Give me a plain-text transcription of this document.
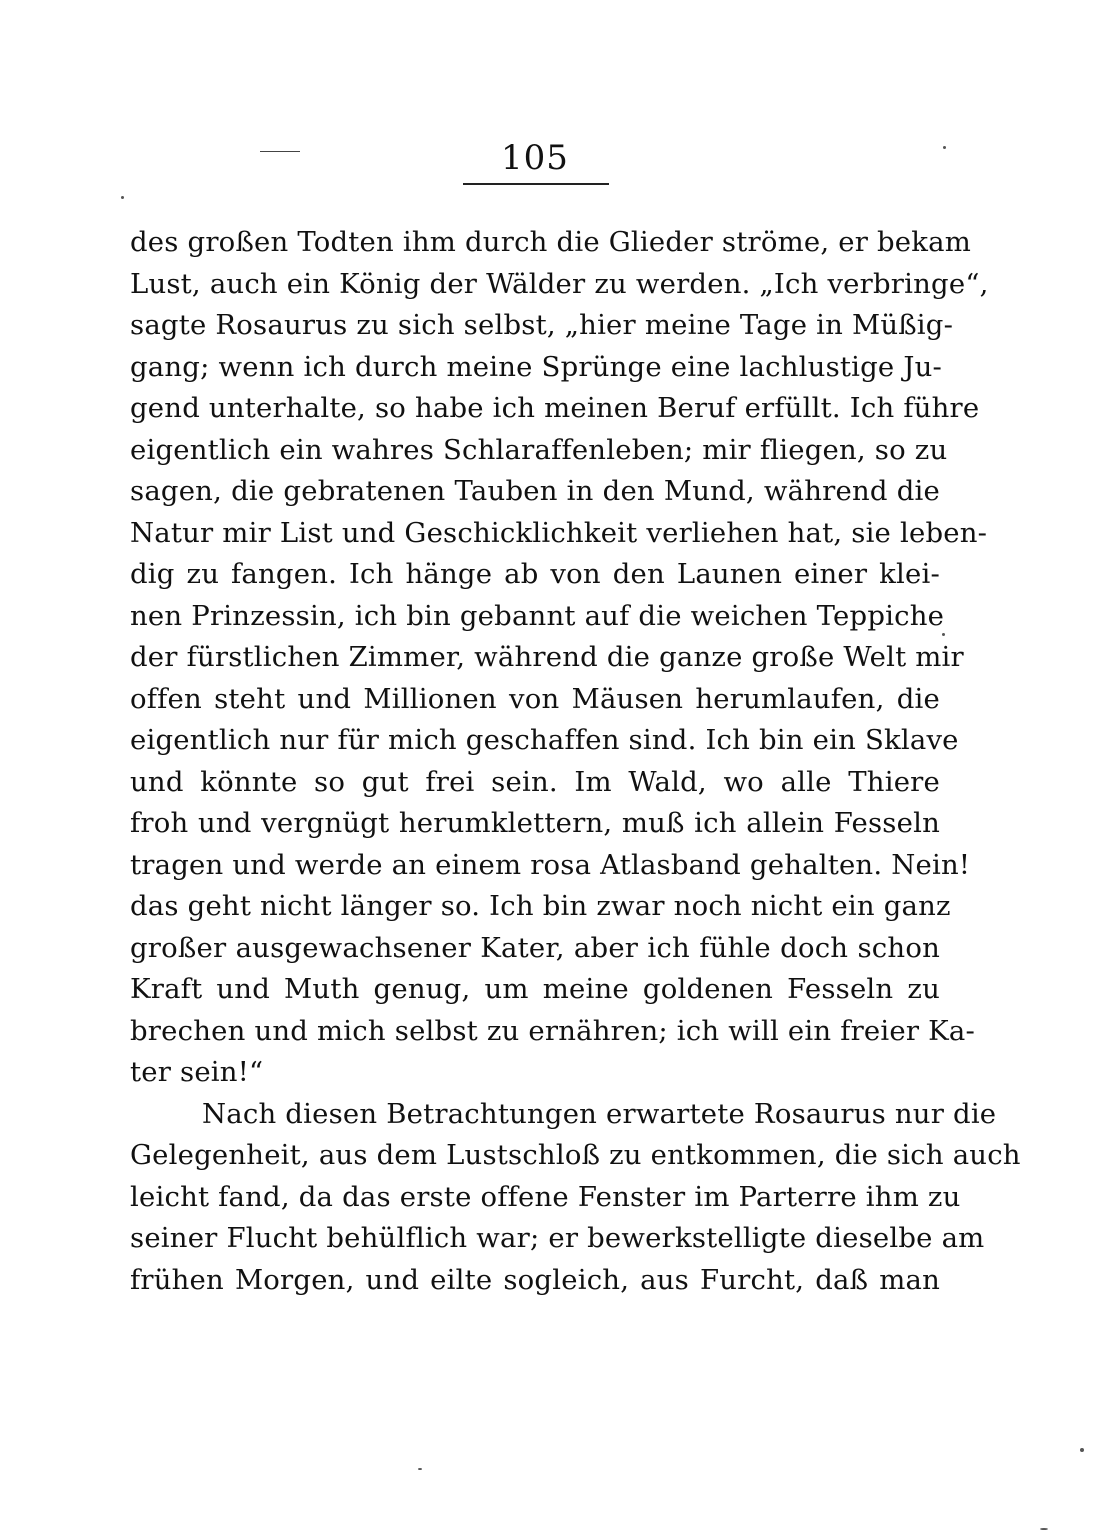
105
des großen Todten ihm durch die Glieder ströme, er bekam
Lust, auch ein König der Wälder zu werden. „Ich verbringe“,
sagte Rosaurus zu sich selbst, „hier meine Tage in Müßig-
gang; wenn ich durch meine Sprünge eine lachlustige Ju-
gend unterhalte, so habe ich meinen Beruf erfüllt. Ich führe
eigentlich ein wahres Schlaraffenleben; mir fliegen, so zu
sagen, die gebratenen Tauben in den Mund, während die
Natur mir List und Geschicklichkeit verliehen hat, sie leben-
dig zu fangen. Ich hänge ab von den Launen einer klei-
nen Prinzessin, ich bin gebannt auf die weichen Teppiche
der fürstlichen Zimmer, während die ganze große Welt mir
offen steht und Millionen von Mäusen herumlaufen, die
eigentlich nur für mich geschaffen sind. Ich bin ein Sklave
und könnte so gut frei sein. Im Wald, wo alle Thiere
froh und vergnügt herumklettern, muß ich allein Fesseln
tragen und werde an einem rosa Atlasband gehalten. Nein!
das geht nicht länger so. Ich bin zwar noch nicht ein ganz
großer ausgewachsener Kater, aber ich fühle doch schon
Kraft und Muth genug, um meine goldenen Fesseln zu
brechen und mich selbst zu ernähren; ich will ein freier Ka-
ter sein!“
Nach diesen Betrachtungen erwartete Rosaurus nur die
Gelegenheit, aus dem Lustschloß zu entkommen, die sich auch
leicht fand, da das erste offene Fenster im Parterre ihm zu
seiner Flucht behülflich war; er bewerkstelligte dieselbe am
frühen Morgen, und eilte sogleich, aus Furcht, daß man
